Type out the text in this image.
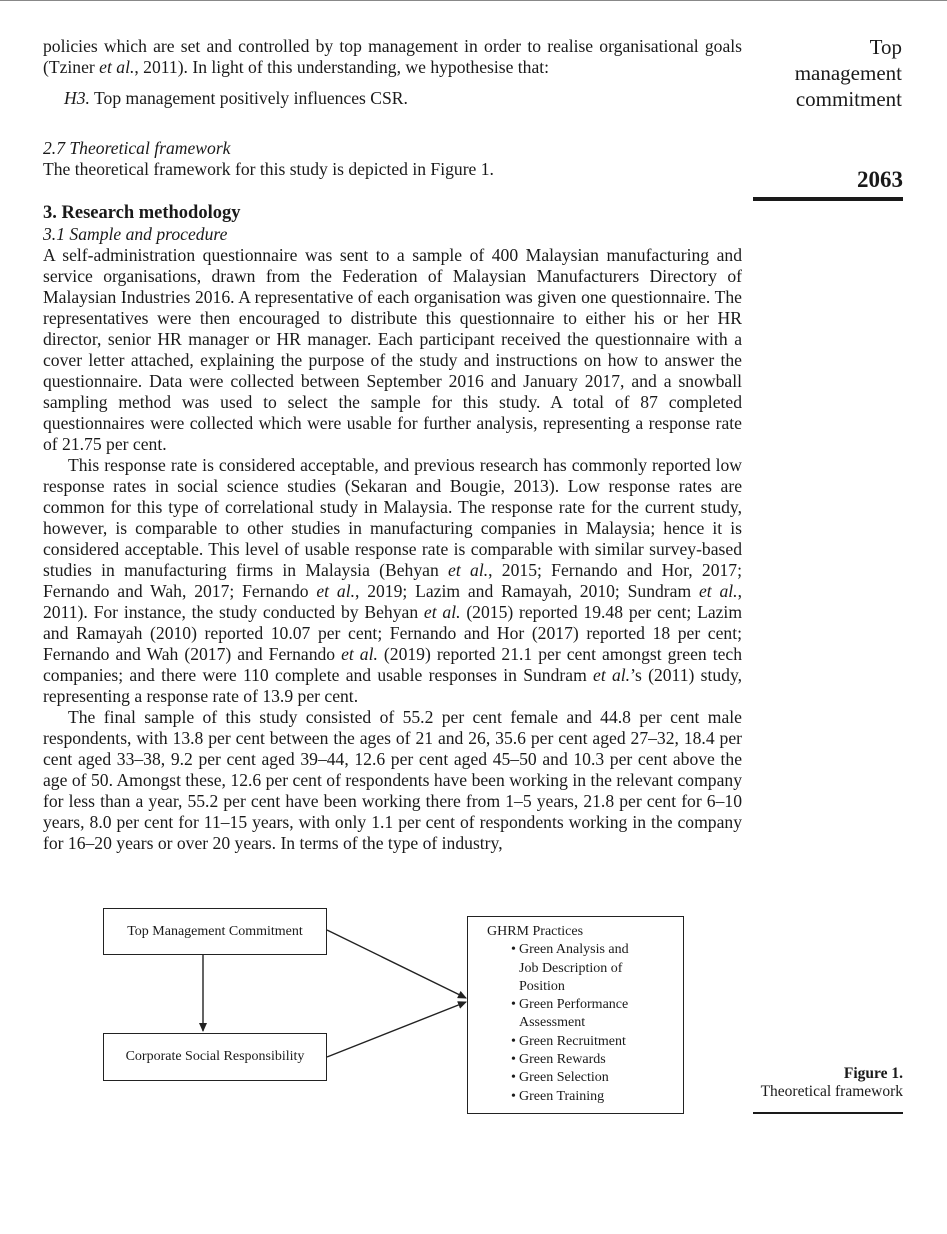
Top
management
commitment
2063

policies which are set and controlled by top management in order to realise organisational goals (Tziner et al., 2011). In light of this understanding, we hypothesise that:

H3. Top management positively influences CSR.

2.7 Theoretical framework

The theoretical framework for this study is depicted in Figure 1.

3. Research methodology

3.1 Sample and procedure

A self-administration questionnaire was sent to a sample of 400 Malaysian manufacturing and service organisations, drawn from the Federation of Malaysian Manufacturers Directory of Malaysian Industries 2016. A representative of each organisation was given one questionnaire. The representatives were then encouraged to distribute this questionnaire to either his or her HR director, senior HR manager or HR manager. Each participant received the questionnaire with a cover letter attached, explaining the purpose of the study and instructions on how to answer the questionnaire. Data were collected between September 2016 and January 2017, and a snowball sampling method was used to select the sample for this study. A total of 87 completed questionnaires were collected which were usable for further analysis, representing a response rate of 21.75 per cent.

This response rate is considered acceptable, and previous research has commonly reported low response rates in social science studies (Sekaran and Bougie, 2013). Low response rates are common for this type of correlational study in Malaysia. The response rate for the current study, however, is comparable to other studies in manufacturing companies in Malaysia; hence it is considered acceptable. This level of usable response rate is comparable with similar survey-based studies in manufacturing firms in Malaysia (Behyan et al., 2015; Fernando and Hor, 2017; Fernando and Wah, 2017; Fernando et al., 2019; Lazim and Ramayah, 2010; Sundram et al., 2011). For instance, the study conducted by Behyan et al. (2015) reported 19.48 per cent; Lazim and Ramayah (2010) reported 10.07 per cent; Fernando and Hor (2017) reported 18 per cent; Fernando and Wah (2017) and Fernando et al. (2019) reported 21.1 per cent amongst green tech companies; and there were 110 complete and usable responses in Sundram et al.’s (2011) study, representing a response rate of 13.9 per cent.

The final sample of this study consisted of 55.2 per cent female and 44.8 per cent male respondents, with 13.8 per cent between the ages of 21 and 26, 35.6 per cent aged 27–32, 18.4 per cent aged 33–38, 9.2 per cent aged 39–44, 12.6 per cent aged 45–50 and 10.3 per cent above the age of 50. Amongst these, 12.6 per cent of respondents have been working in the relevant company for less than a year, 55.2 per cent have been working there from 1–5 years, 21.8 per cent for 6–10 years, 8.0 per cent for 11–15 years, with only 1.1 per cent of respondents working in the company for 16–20 years or over 20 years. In terms of the type of industry,

Top Management Commitment
Corporate Social Responsibility
GHRM Practices
• Green Analysis and Job Description of Position
• Green Performance Assessment
• Green Recruitment
• Green Rewards
• Green Selection
• Green Training
Figure 1.
Theoretical framework
